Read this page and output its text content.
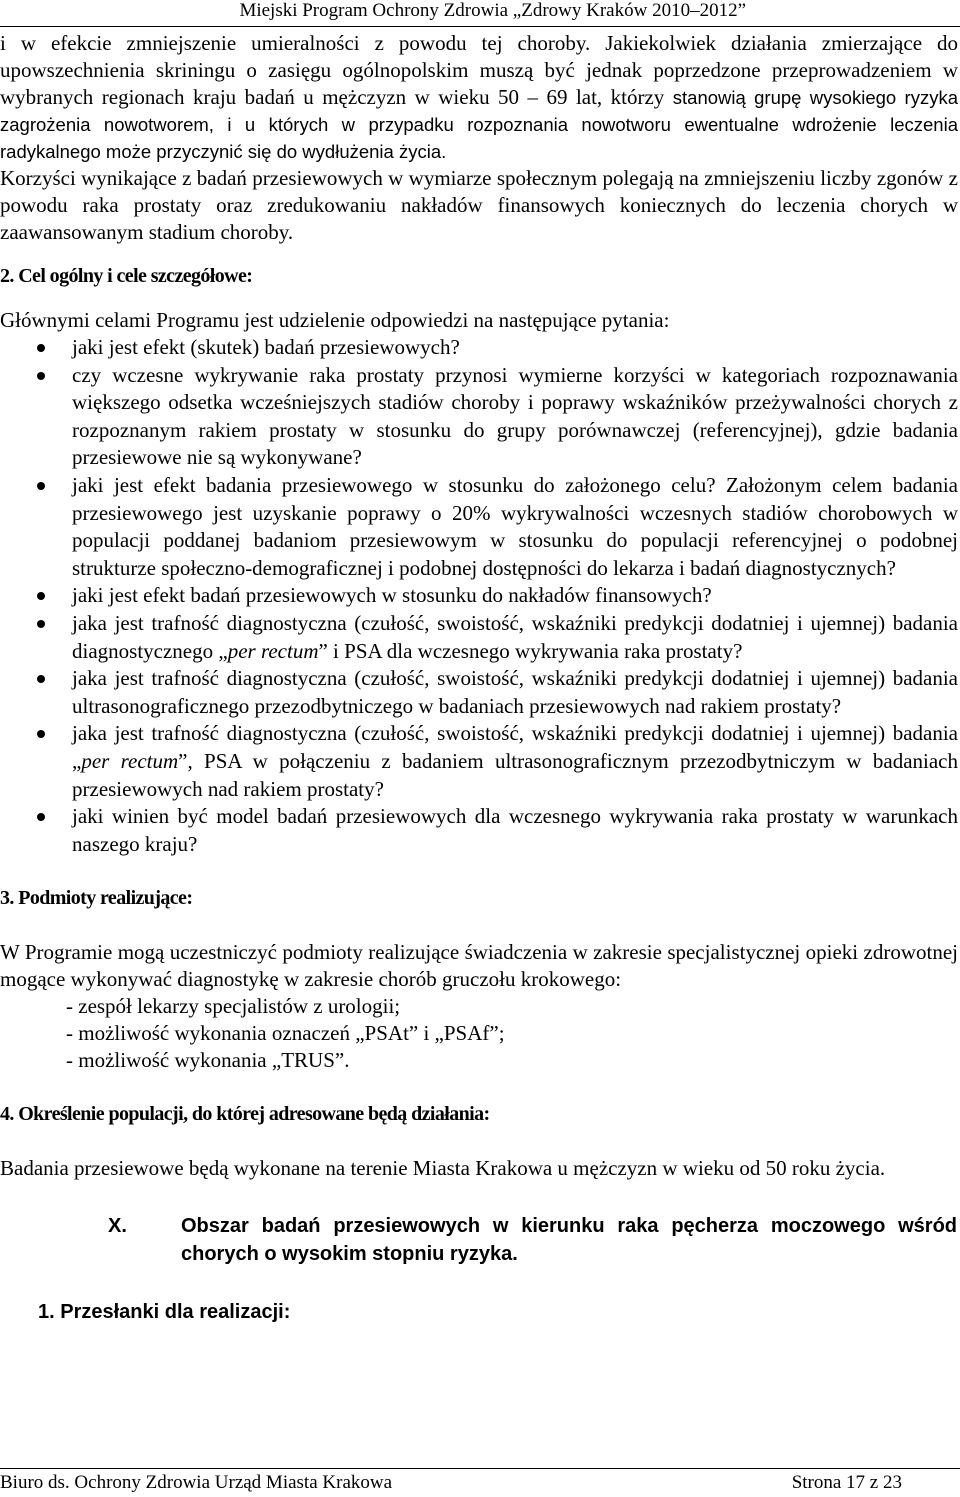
Miejski Program Ochrony Zdrowia „Zdrowy Kraków 2010–2012”

i w efekcie zmniejszenie umieralności z powodu tej choroby. Jakiekolwiek działania zmierzające do upowszechnienia skriningu o zasięgu ogólnopolskim muszą być jednak poprzedzone przeprowadzeniem w wybranych regionach kraju badań u mężczyzn w wieku 50 – 69 lat, którzy stanowią grupę wysokiego ryzyka zagrożenia nowotworem, i u których w przypadku rozpoznania nowotworu ewentualne wdrożenie leczenia radykalnego może przyczynić się do wydłużenia życia.

Korzyści wynikające z badań przesiewowych w wymiarze społecznym polegają na zmniejszeniu liczby zgonów z powodu raka prostaty oraz zredukowaniu nakładów finansowych koniecznych do leczenia chorych w zaawansowanym stadium choroby.

2. Cel ogólny i cele szczegółowe:

Głównymi celami Programu jest udzielenie odpowiedzi na następujące pytania:

jaki jest efekt (skutek) badań przesiewowych?
czy wczesne wykrywanie raka prostaty przynosi wymierne korzyści w kategoriach rozpoznawania większego odsetka wcześniejszych stadiów choroby i poprawy wskaźników przeżywalności chorych z rozpoznanym rakiem prostaty w stosunku do grupy porównawczej (referencyjnej), gdzie badania przesiewowe nie są wykonywane?
jaki jest efekt badania przesiewowego w stosunku do założonego celu? Założonym celem badania przesiewowego jest uzyskanie poprawy o 20% wykrywalności wczesnych stadiów chorobowych w populacji poddanej badaniom przesiewowym w stosunku do populacji referencyjnej o podobnej strukturze społeczno-demograficznej i podobnej dostępności do lekarza i badań diagnostycznych?
jaki jest efekt badań przesiewowych w stosunku do nakładów finansowych?
jaka jest trafność diagnostyczna (czułość, swoistość, wskaźniki predykcji dodatniej i ujemnej) badania diagnostycznego „per rectum” i PSA dla wczesnego wykrywania raka prostaty?
jaka jest trafność diagnostyczna (czułość, swoistość, wskaźniki predykcji dodatniej i ujemnej) badania ultrasonograficznego przezodbytniczego w badaniach przesiewowych nad rakiem prostaty?
jaka jest trafność diagnostyczna (czułość, swoistość, wskaźniki predykcji dodatniej i ujemnej) badania „per rectum”, PSA w połączeniu z badaniem ultrasonograficznym przezodbytniczym w badaniach przesiewowych nad rakiem prostaty?
jaki winien być model badań przesiewowych dla wczesnego wykrywania raka prostaty w warunkach naszego kraju?

3. Podmioty realizujące:

W Programie mogą uczestniczyć podmioty realizujące świadczenia w zakresie specjalistycznej opieki zdrowotnej mogące wykonywać diagnostykę w zakresie chorób gruczołu krokowego:

- zespół lekarzy specjalistów z urologii;
- możliwość wykonania oznaczeń „PSAt” i „PSAf”;
- możliwość wykonania „TRUS”.

4. Określenie populacji, do której adresowane będą działania:

Badania przesiewowe będą wykonane na terenie Miasta Krakowa u mężczyzn w wieku od 50 roku życia.

X.	Obszar badań przesiewowych w kierunku raka pęcherza moczowego wśród chorych o wysokim stopniu ryzyka.
1. Przesłanki dla realizacji:
Biuro ds. Ochrony Zdrowia Urząd Miasta Krakowa	Strona 17 z 23
